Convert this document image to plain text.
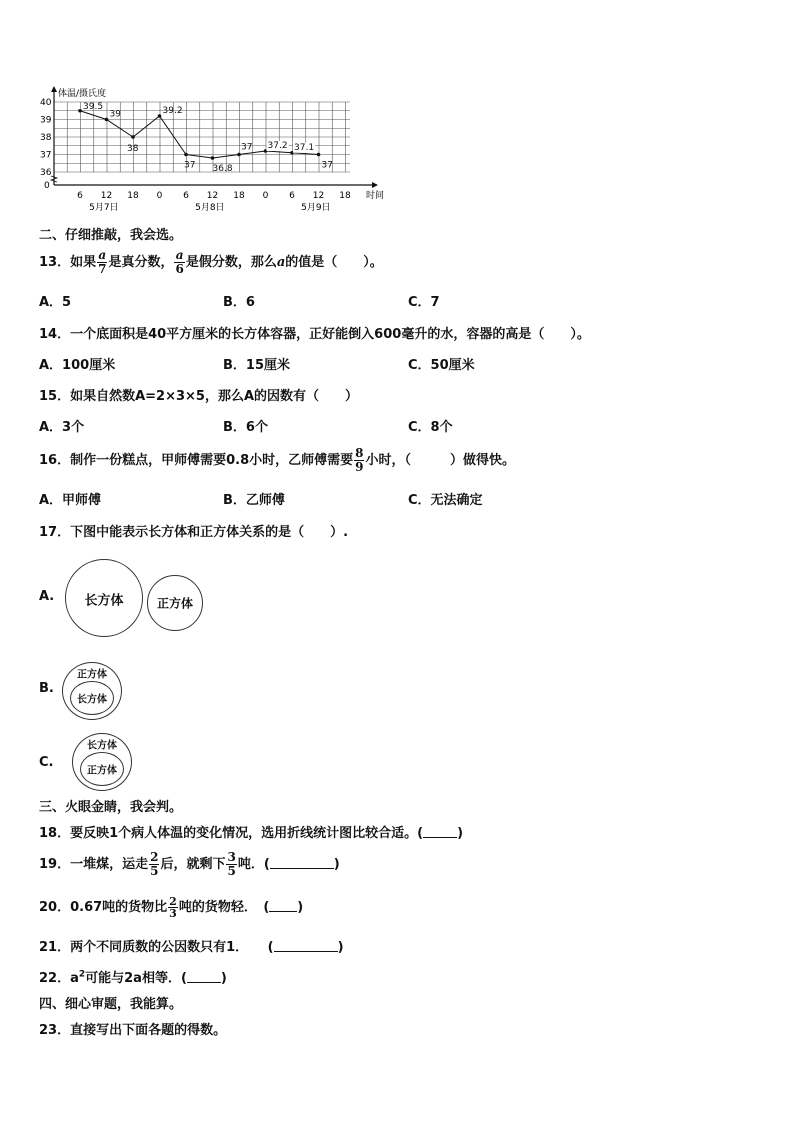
体温/摄氏度
36
37
38
39
40
0
6 12 18 0 6 12 18 0 6 12 18 时间
5月7日	5月8日	5月9日
39.5
39
38
39.2
37 36.8
37 37.2 37.1
37
二、仔细推敲，我会选。
13．如果 $\frac{a}{7}$ 是真分数， $\frac{a}{6}$ 是假分数，那么a的值是（　　）。
A．5	B．6	C．7
14．一个底面积是40平方厘米的长方体容器，正好能倒入600毫升的水，容器的高是（　　）。
A．100厘米	B．15厘米	C．50厘米
15．如果自然数A=2×3×5，那么A的因数有（　　）
A．3个	B．6个	C．8个
16．制作一份糕点，甲师傅需要0.8小时，乙师傅需要 $\frac{8}{9}$ 小时，（　　　）做得快。
A．甲师傅	B．乙师傅	C．无法确定
17．下图中能表示长方体和正方体关系的是（　　）.
A. 长方体	正方体
B.
正方体
长方体
C.
长方体
正方体
三、火眼金睛，我会判。
18．要反映1个病人体温的变化情况，选用折线统计图比较合适。(	)
19．一堆煤，运走 $\frac{2}{5}$ 后，就剩下 $\frac{3}{5}$ 吨．(	)
20．0.67吨的货物比 $\frac{2}{3}$ 吨的货物轻．　( )
21．两个不同质数的公因数只有1．　　(	)
22．$a^2$可能与2a相等．(	)
四、细心审题，我能算。
23．直接写出下面各题的得数。
